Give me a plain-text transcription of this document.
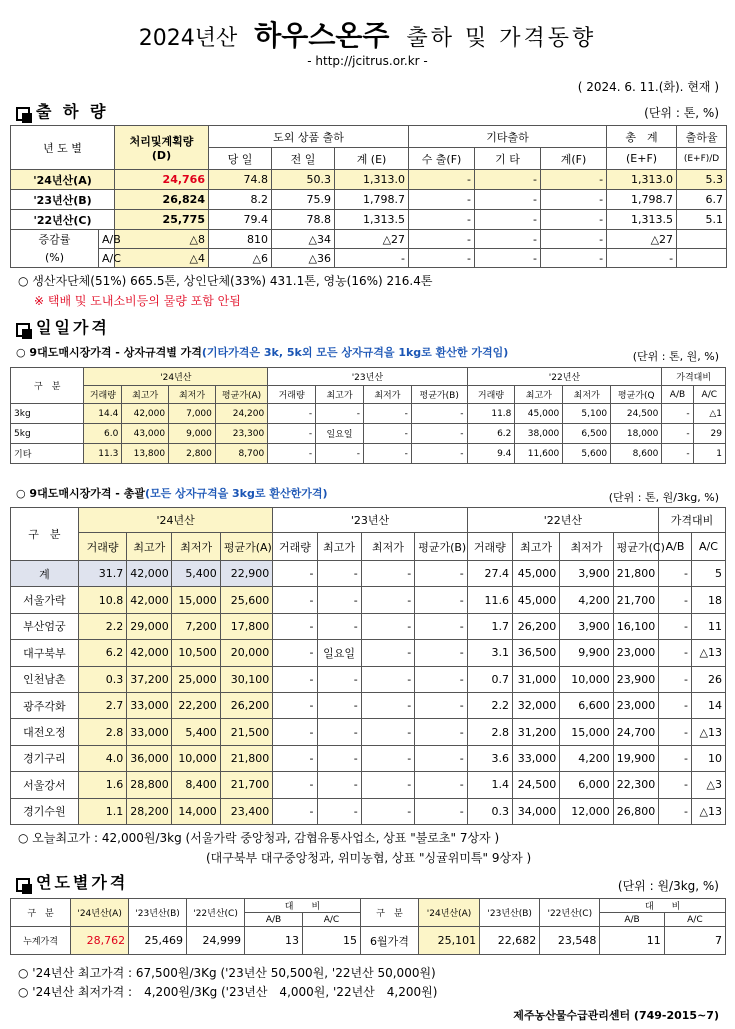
2024년산 하우스온주 출하 및 가격동향
- http://jcitrus.or.kr -
( 2024. 6. 11.(화). 현재 )
출 하 량	(단위 : 톤, %)
년 도 별		처리및계획량
(D)	도외 상품 출하			기타출하			총　계	출하율
			당 일	전 일	계 (E)	수 출(F)	기 타	계(F)	(E+F)	(E+F)/D
'24년산(A)		24,766	74.8	50.3	1,313.0	-	-	-	1,313.0	5.3
'23년산(B)		26,824	8.2	75.9	1,798.7	-	-	-	1,798.7	6.7
'22년산(C)		25,775	79.4	78.8	1,313.5	-	-	-	1,313.5	5.1
증감률	A/B	△8	810	△34	△27	-	-	-	△27	
(%)	A/C	△4	△6	△36	-	-	-	-	-	
○ 생산자단체(51%) 665.5톤, 상인단체(33%) 431.1톤, 영농(16%) 216.4톤
※ 택배 및 도내소비등의 물량 포함 안됨
일일가격
○ 9대도매시장가격 - 상자규격별 가격(기타가격은 3k, 5k외 모든 상자규격을 1kg로 환산한 가격임)	(단위 : 톤, 원, %)
구　분	'24년산				'23년산				'22년산				가격대비	
	거래량	최고가	최저가	평균가(A)	거래량	최고가	최저가	평균가(B)	거래량	최고가	최저가	평균가(Q	A/B	A/C
3kg	14.4	42,000	7,000	24,200	-	-	-	-	11.8	45,000	5,100	24,500	-	△1
5kg	6.0	43,000	9,000	23,300	-	일요일	-	-	6.2	38,000	6,500	18,000	-	29
기타	11.3	13,800	2,800	8,700	-	-	-	-	9.4	11,600	5,600	8,600	-	1
○ 9대도매시장가격 - 총괄(모든 상자규격을 3kg로 환산한가격)	(단위 : 톤, 원/3kg, %)
구　분	'24년산				'23년산				'22년산				가격대비	
	거래량	최고가	최저가	평균가(A)	거래량	최고가	최저가	평균가(B)	거래량	최고가	최저가	평균가(C)	A/B	A/C
계	31.7	42,000	5,400	22,900	-	-	-	-	27.4	45,000	3,900	21,800	-	5
서울가락	10.8	42,000	15,000	25,600	-	-	-	-	11.6	45,000	4,200	21,700	-	18
부산엄궁	2.2	29,000	7,200	17,800	-	-	-	-	1.7	26,200	3,900	16,100	-	11
대구북부	6.2	42,000	10,500	20,000	-	일요일	-	-	3.1	36,500	9,900	23,000	-	△13
인천남촌	0.3	37,200	25,000	30,100	-	-	-	-	0.7	31,000	10,000	23,900	-	26
광주각화	2.7	33,000	22,200	26,200	-	-	-	-	2.2	32,000	6,600	23,000	-	14
대전오정	2.8	33,000	5,400	21,500	-	-	-	-	2.8	31,200	15,000	24,700	-	△13
경기구리	4.0	36,000	10,000	21,800	-	-	-	-	3.6	33,000	4,200	19,900	-	10
서울강서	1.6	28,800	8,400	21,700	-	-	-	-	1.4	24,500	6,000	22,300	-	△3
경기수원	1.1	28,200	14,000	23,400	-	-	-	-	0.3	34,000	12,000	26,800	-	△13
○ 오늘최고가 : 42,000원/3kg (서울가락 중앙청과, 감협유통사업소, 상표 "불로초" 7상자 )
(대구북부 대구중앙청과, 위미농협, 상표 "싱귤위미특" 9상자 )
연도별가격	(단위 : 원/3kg, %)
구　분	'24년산(A)	'23년산(B)	'22년산(C)	대　　비		구　분	'24년산(A)	'23년산(B)	'22년산(C)	대　　비	
				A/B	A/C					A/B	A/C
누계가격	28,762	25,469	24,999	13	15	6월가격	25,101	22,682	23,548	11	7
○ '24년산 최고가격 : 67,500원/3Kg ('23년산 50,500원, '22년산 50,000원)
○ '24년산 최저가격 :　4,200원/3Kg ('23년산　4,000원, '22년산　4,200원)
제주농산물수급관리센터 (749-2015~7)
